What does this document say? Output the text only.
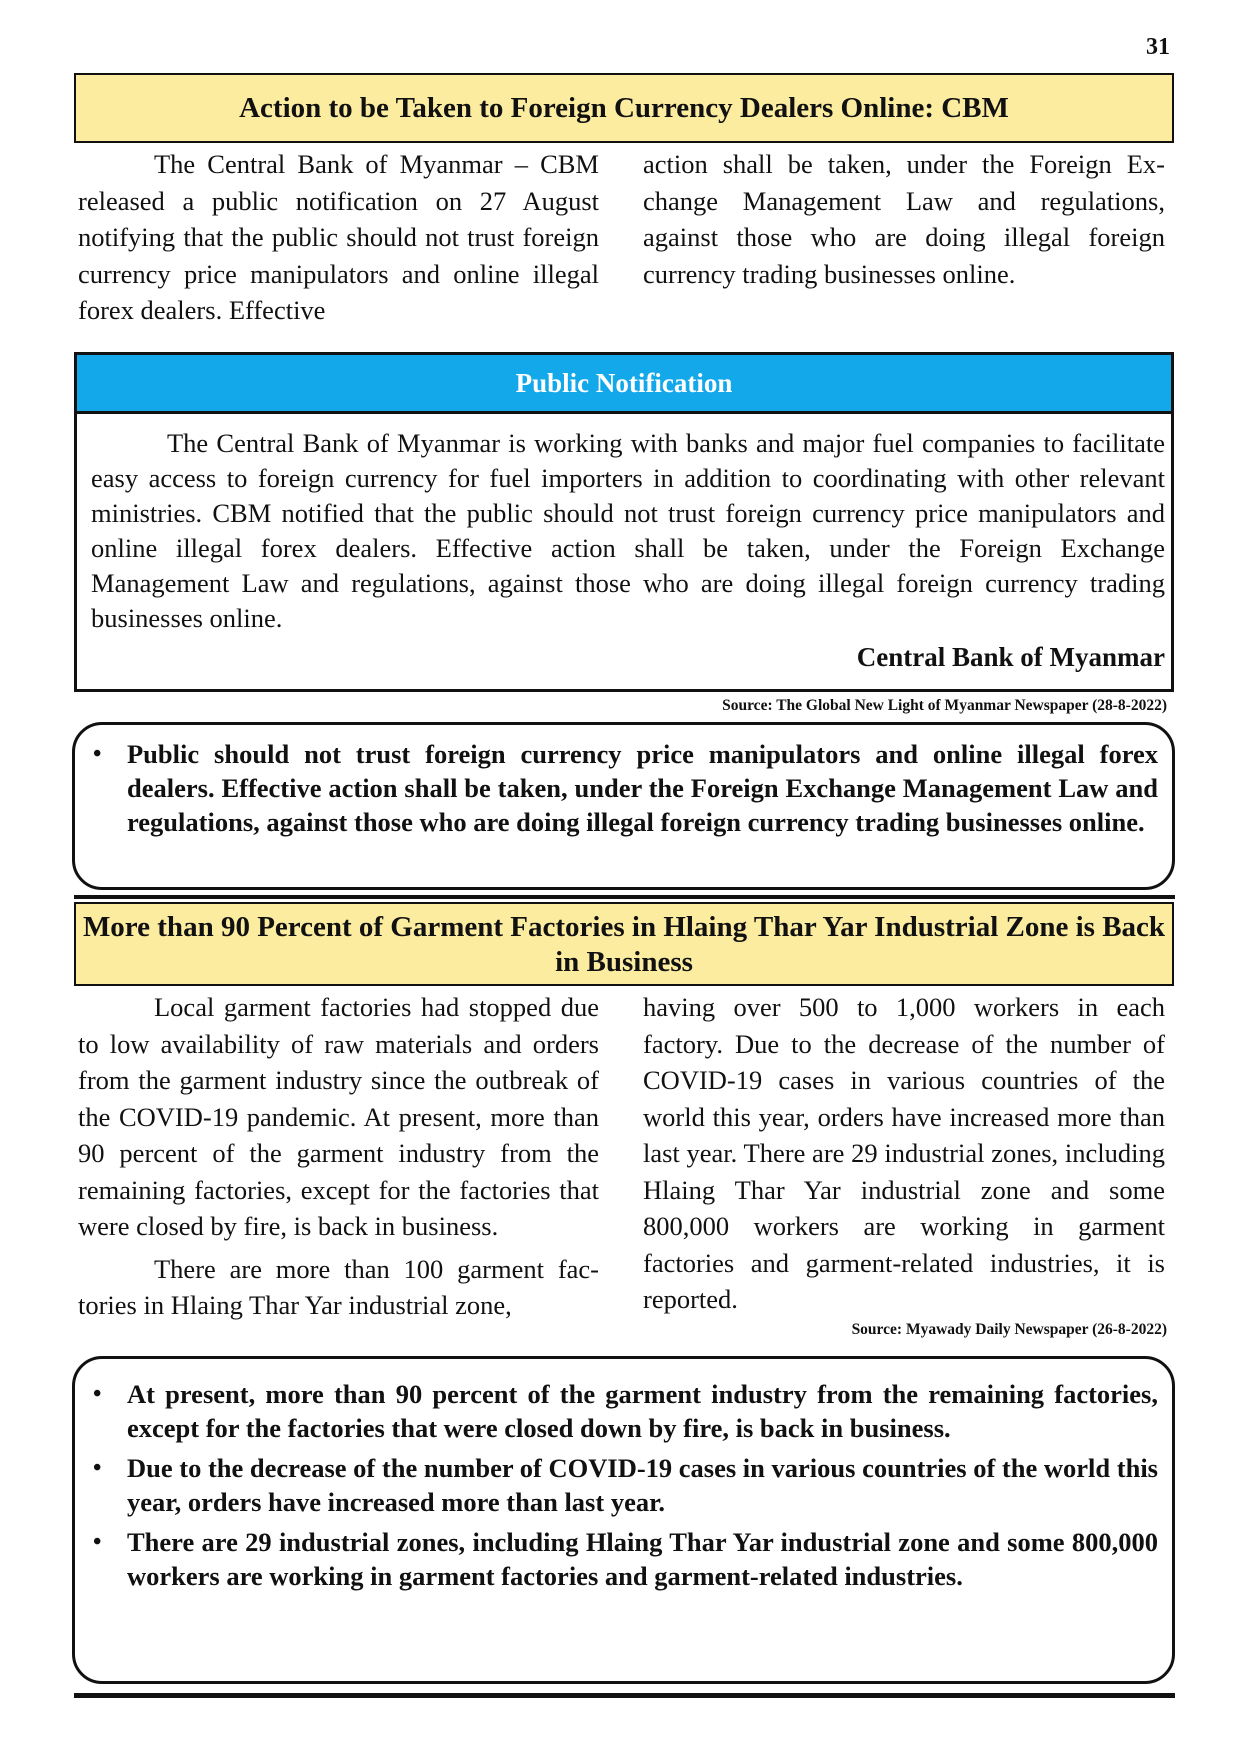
31
Action to be Taken to Foreign Currency Dealers Online: CBM

The Central Bank of Myanmar – CBM released a public notification on 27 August notifying that the public should not trust foreign currency price manipulators and online illegal forex dealers. Effective

action shall be taken, under the Foreign Exchange Management Law and regulations, against those who are doing illegal foreign currency trading businesses online.

Public Notification

The Central Bank of Myanmar is working with banks and major fuel companies to facilitate easy access to foreign currency for fuel importers in addition to coordinating with other relevant ministries. CBM notified that the public should not trust foreign currency price manipulators and online illegal forex dealers. Effective action shall be taken, under the Foreign Exchange Management Law and regulations, against those who are doing illegal foreign currency trading businesses online.

Central Bank of Myanmar
Source: The Global New Light of Myanmar Newspaper (28-8-2022)
• Public should not trust foreign currency price manipulators and online illegal forex dealers. Effective action shall be taken, under the Foreign Exchange Management Law and regulations, against those who are doing illegal foreign currency trading businesses online.
More than 90 Percent of Garment Factories in Hlaing Thar Yar Industrial Zone is Back in Business

Local garment factories had stopped due to low availability of raw materials and orders from the garment industry since the outbreak of the COVID-19 pandemic. At present, more than 90 percent of the garment industry from the remaining factories, except for the factories that were closed by fire, is back in business.

There are more than 100 garment factories in Hlaing Thar Yar industrial zone,

having over 500 to 1,000 workers in each factory. Due to the decrease of the number of COVID-19 cases in various countries of the world this year, orders have increased more than last year. There are 29 industrial zones, including Hlaing Thar Yar industrial zone and some 800,000 workers are working in garment factories and garment-related industries, it is reported.

Source: Myawady Daily Newspaper (26-8-2022)
• At present, more than 90 percent of the garment industry from the remaining factories, except for the factories that were closed down by fire, is back in business.
• Due to the decrease of the number of COVID-19 cases in various countries of the world this year, orders have increased more than last year.
• There are 29 industrial zones, including Hlaing Thar Yar industrial zone and some 800,000 workers are working in garment factories and garment-related industries.
